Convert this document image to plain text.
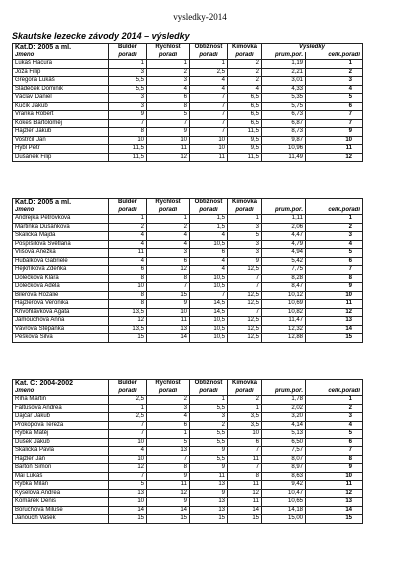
vysledky-2014
Skautske lezecke závody 2014 – výsledky
Kat.D: 2005 a ml.	Bulder	Rychlost	Obtížnost	Kimovka	Výsledky	
Jméno	pořadí	pořadí	pořadí	pořadí	prum.poř.	celk.pořadí
Lukáš Hacura	1	1	1	2	1,19	1
Joza Filip	3	2	2,5	2	2,21	2
Gregora Lukáš	5,5	3	4	2	3,01	3
Sládeček Dominik	5,5	4	4	4	4,33	4
Václav Daniel	3	6	7	6,5	5,35	5
Kučík Jakub	3	8	7	6,5	5,75	6
Vranka Robert	9	5	7	6,5	6,73	7
Kokeš Bartoloměj	7	7	7	6,5	6,87	7
Hajzler Jakub	8	9	7	11,5	8,73	9
Vostrčil Jan	10	10	10	9,5	9,87	10
Hýbl Petr	11,5	11	10	9,5	10,96	11
Dušánek Filip	11,5	12	11	11,5	11,49	12
Kat.D: 2005 a ml.	Bulder	Rychlost	Obtížnost	Kimovka		
Jméno	pořadí	pořadí	pořadí	pořadí	prum.poř.	celk.pořadí
Andrejka Petrovková	1	1	1,5	1	1,11	1
Martinka Dušánková	2	2	1,5	3	2,06	2
Skalická Majda	4	4	4	5	4,47	3
Pospíšilová Světlana	4	4	10,5	3	4,79	4
Vlišová Anežka	11	3	6	3	4,94	5
Hubálková Gabriele	4	6	4	9	5,42	6
Hejkrlíková Zdeňka	6	12	4	12,5	7,75	7
Dolečková Klára	8	8	10,5	7	8,28	8
Dolečková Adéla	10	7	10,5	7	8,47	9
Bilerová Rozálie	8	15	7	12,5	10,12	10
Hajzlerová Veronika	8	9	14,5	12,5	10,69	11
Křivohlávková Agáta	13,5	10	14,5	7	10,82	12
Jamouchová Anna	12	11	10,5	12,5	11,47	13
Vávrová Štěpánka	13,5	13	10,5	12,5	12,32	14
Pešková Silva	15	14	10,5	12,5	12,88	15
Kat. C: 2004-2002	Bulder	Rychlost	Obtížnost	Kimovka		
Jméno	pořadí	pořadí	pořadí	pořadí	prum.poř.	celk.pořadí
Říha Martin	2,5	2	1	2	1,78	1
Faltusová Andrea	1	3	5,5	1	2,02	2
Dajčar Jakub	2,5	4	3	3,5	3,20	3
Prokopová Tereza	7	6	2	3,5	4,14	4
Rybka Matěj	7	1	5,5	10	5,13	5
Dušek Jakub	10	5	5,5	6	6,50	6
Skalická Pavla	4	13	9	7	7,57	7
Hajzler Jan	10	7	5,5	11	8,07	8
Bartoň Šimon	12	8	9	7	8,97	9
Mai Lukáš	7	9	11	8	8,63	10
Rybka Milan	5	11	13	11	9,42	11
Kyselová Andrea	13	12	9	12	10,47	12
Komárek Denis	10	9	13	11	10,65	13
Boruchová Miluše	14	14	13	14	14,18	14
Janouch Vašek	15	15	15	15	15,00	15
